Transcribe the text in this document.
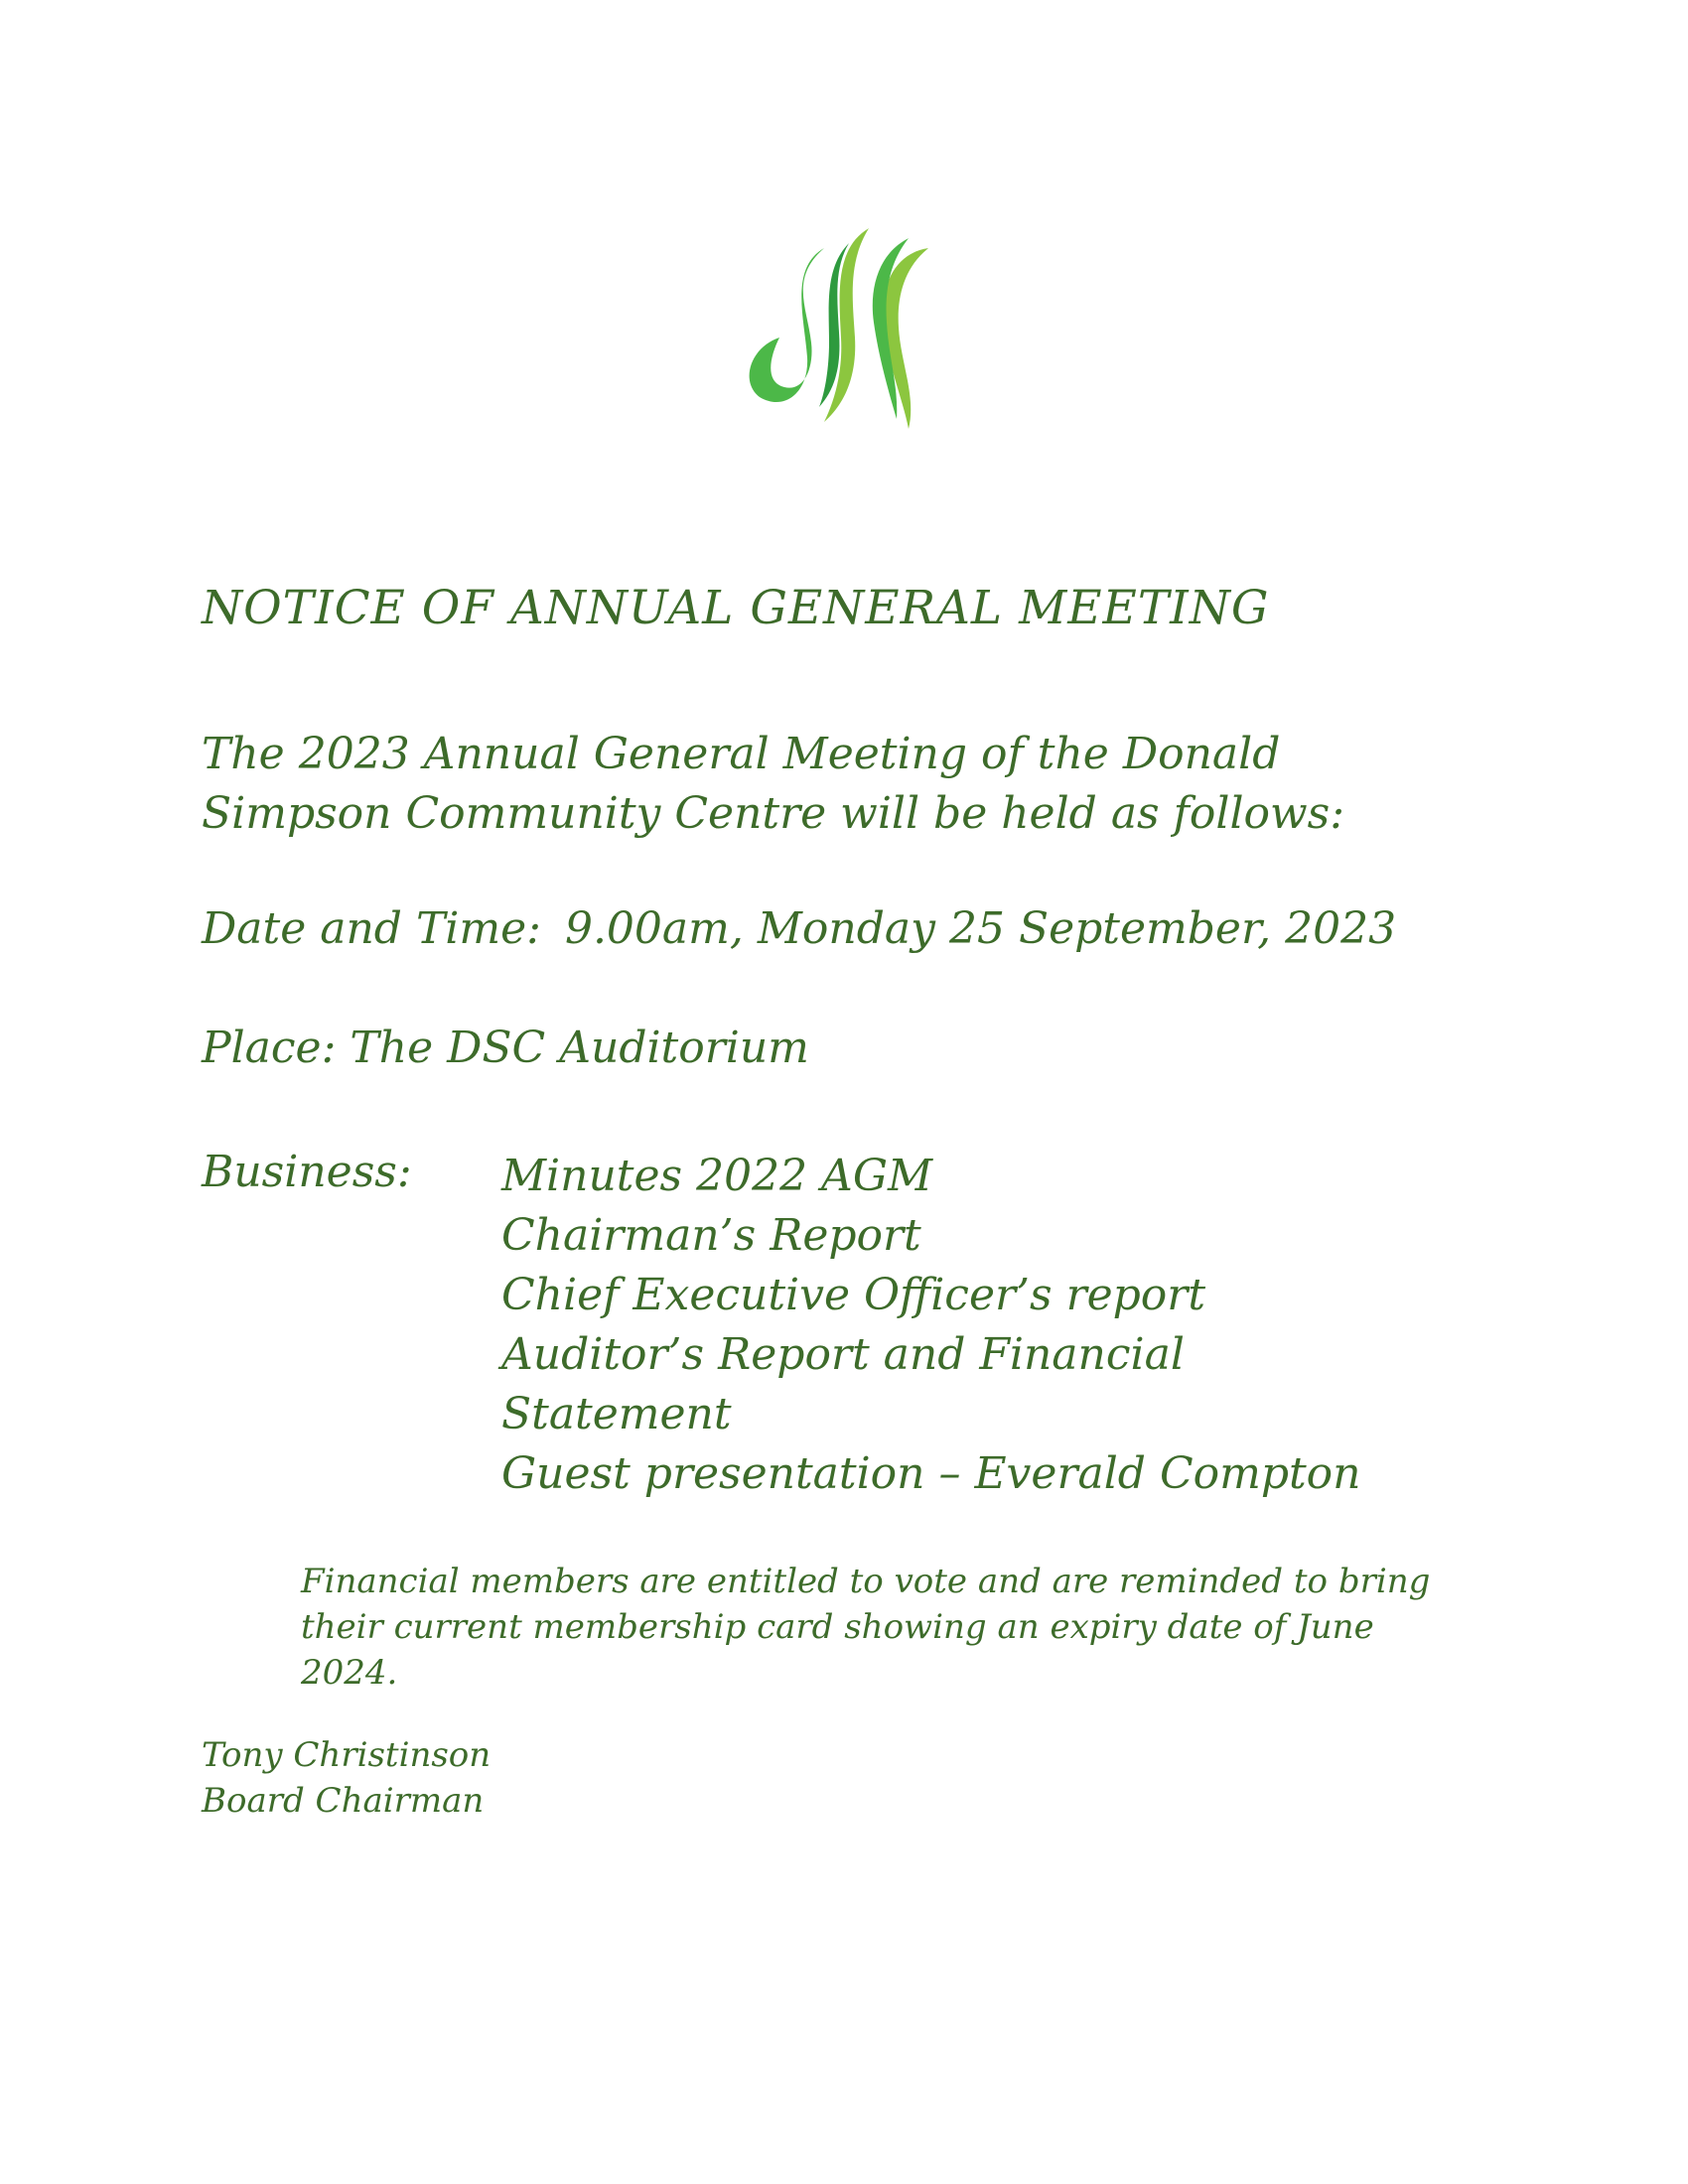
NOTICE OF ANNUAL GENERAL MEETING
The 2023 Annual General Meeting of the Donald
Simpson Community Centre will be held as follows:
Date and Time: 9.00am, Monday 25 September, 2023
Place: The DSC Auditorium
Business: Minutes 2022 AGM
Chairman’s Report
Chief Executive Officer’s report
Auditor’s Report and Financial
Statement
Guest presentation – Everald Compton
Financial members are entitled to vote and are reminded to bring
their current membership card showing an expiry date of June
2024.
Tony Christinson
Board Chairman
